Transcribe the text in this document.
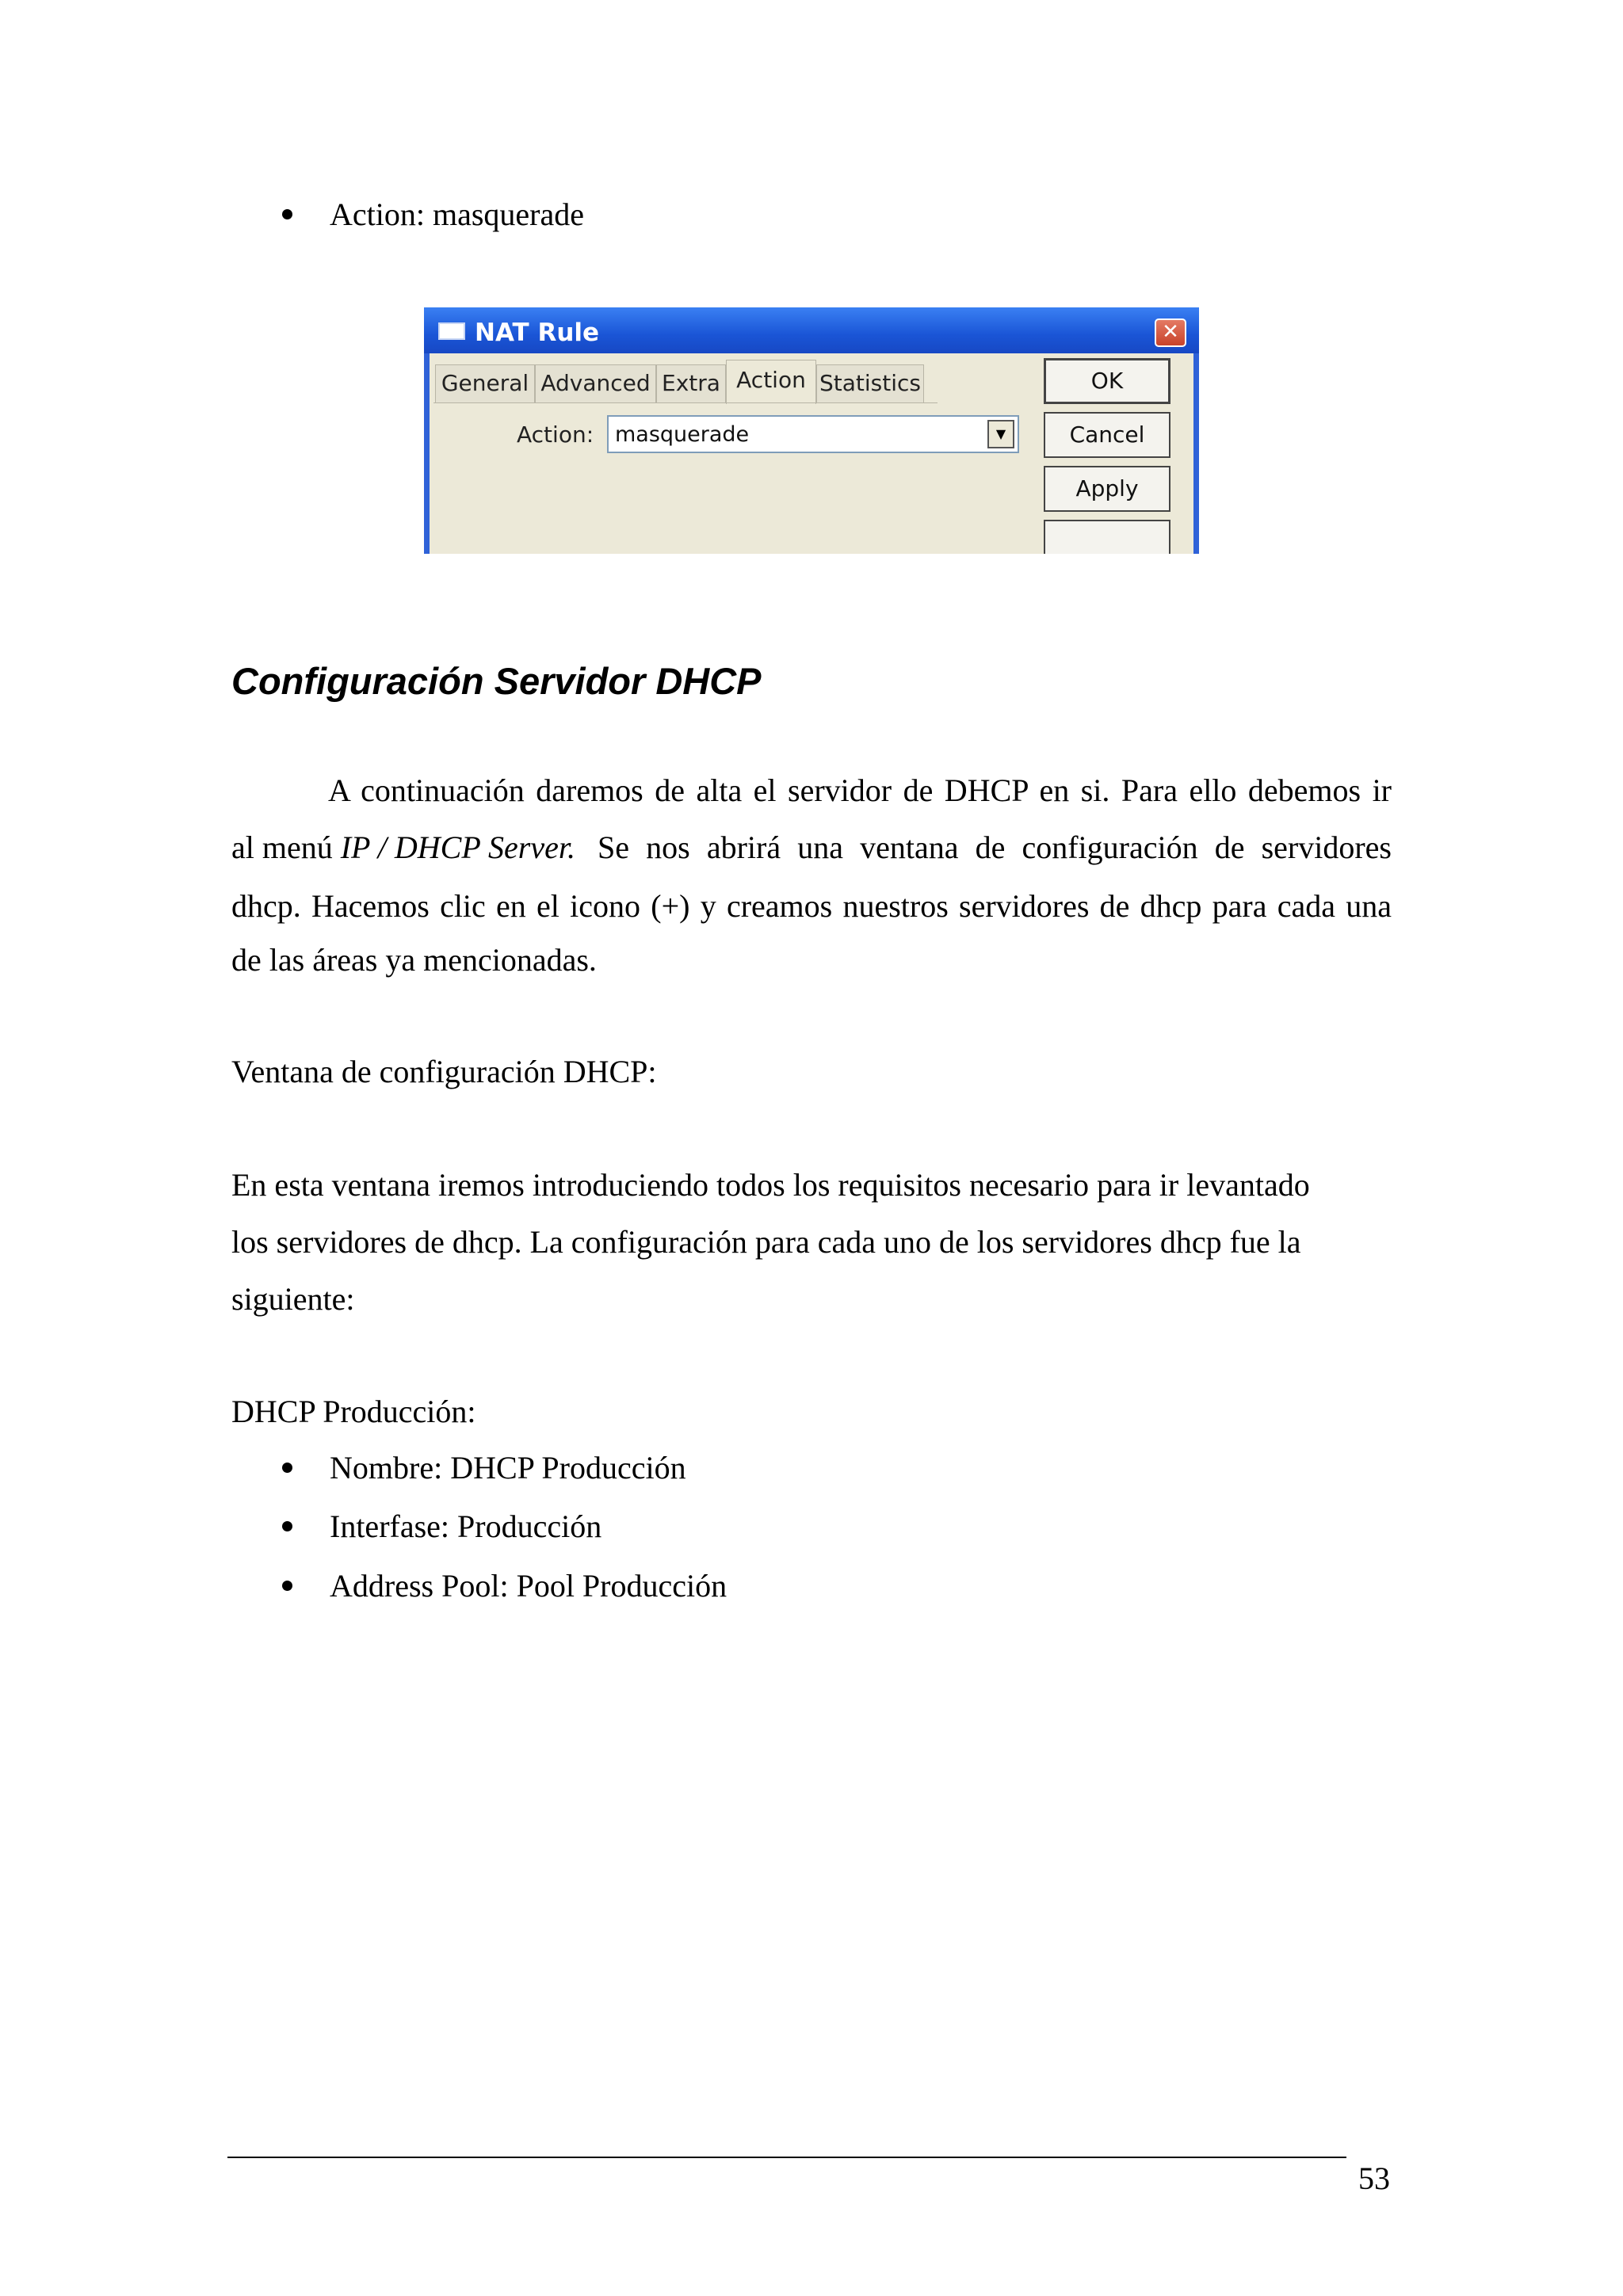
Action: masquerade
NAT Rule	✕
General Advanced Extra Action Statistics
Action: masquerade	▼
OK
Cancel
Apply
Configuración Servidor DHCP
A continuación daremos de alta el servidor de DHCP en si. Para ello debemos ir
al menú IP / DHCP Server. Se nos abrirá una ventana de configuración de servidores
dhcp. Hacemos clic en el icono (+) y creamos nuestros servidores de dhcp para cada una
de las áreas ya mencionadas.
Ventana de configuración DHCP:
En esta ventana iremos introduciendo todos los requisitos necesario para ir levantado
los servidores de dhcp. La configuración para cada uno de los servidores dhcp fue la
siguiente:
DHCP Producción:
Nombre: DHCP Producción
Interfase: Producción
Address Pool: Pool Producción
53
